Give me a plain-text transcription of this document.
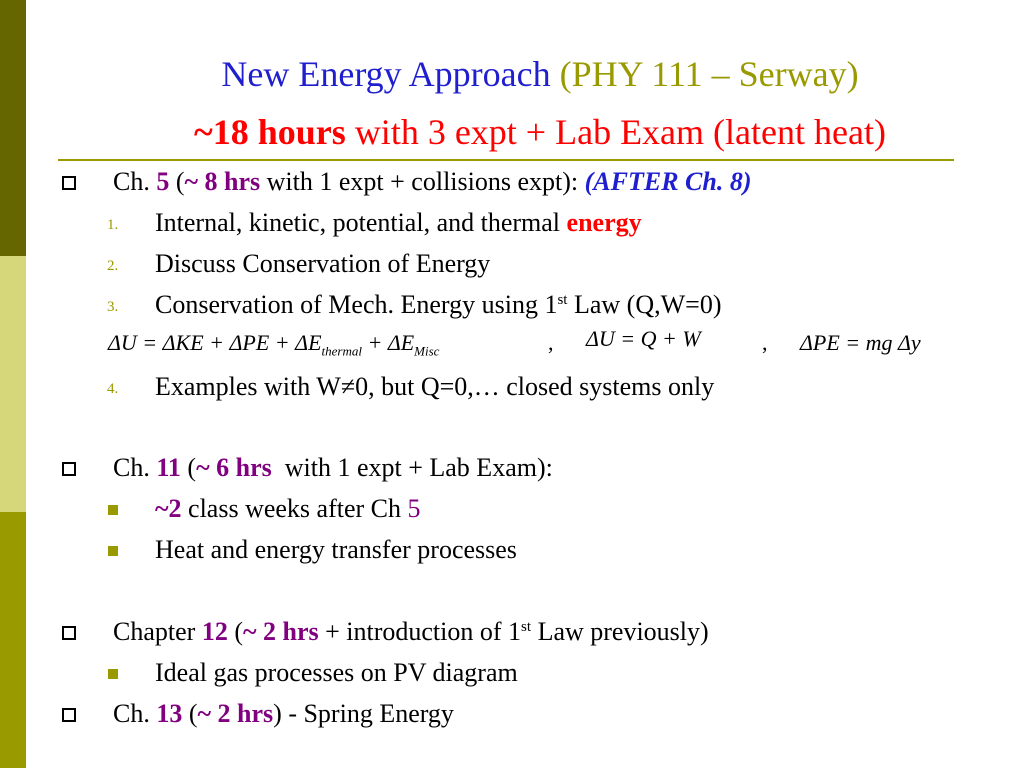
New Energy Approach (PHY 111 – Serway)
~18 hours with 3 expt + Lab Exam (latent heat)
Ch. 5 (~ 8 hrs with 1 expt + collisions expt): (AFTER Ch. 8)
1. Internal, kinetic, potential, and thermal energy
2. Discuss Conservation of Energy
3. Conservation of Mech. Energy using 1st Law (Q,W=0)
$\Delta U = \Delta KE + \Delta PE + \Delta E_{thermal} + \Delta E_{Misc}$	, ΔU = Q + W	, ΔPE = mg Δy
4. Examples with W≠0, but Q=0,… closed systems only
Ch. 11 (~ 6 hrs  with 1 expt + Lab Exam):
~2 class weeks after Ch 5
Heat and energy transfer processes
Chapter 12 (~ 2 hrs + introduction of 1st Law previously)
Ideal gas processes on PV diagram
Ch. 13 (~ 2 hrs) - Spring Energy
